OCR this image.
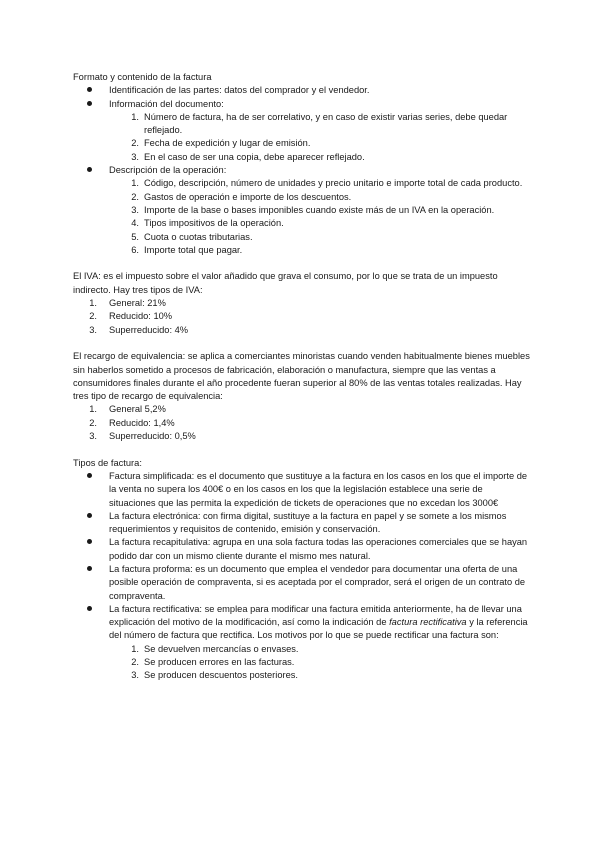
Formato y contenido de la factura

Identificación de las partes: datos del comprador y el vendedor.
Información del documento:
1. Número de factura, ha de ser correlativo, y en caso de existir varias series, debe quedar reflejado.
2. Fecha de expedición y lugar de emisión.
3. En el caso de ser una copia, debe aparecer reflejado.
Descripción de la operación:
1. Código, descripción, número de unidades y precio unitario e importe total de cada producto.
2. Gastos de operación e importe de los descuentos.
3. Importe de la base o bases imponibles cuando existe más de un IVA en la operación.
4. Tipos impositivos de la operación.
5. Cuota o cuotas tributarias.
6. Importe total que pagar.

El IVA: es el impuesto sobre el valor añadido que grava el consumo, por lo que se trata de un impuesto indirecto. Hay tres tipos de IVA:

1. General: 21%
2. Reducido: 10%
3. Superreducido: 4%

El recargo de equivalencia: se aplica a comerciantes minoristas cuando venden habitualmente bienes muebles sin haberlos sometido a procesos de fabricación, elaboración o manufactura, siempre que las ventas a consumidores finales durante el año procedente fueran superior al 80% de las ventas totales realizadas. Hay tres tipo de recargo de equivalencia:

1. General 5,2%
2. Reducido: 1,4%
3. Superreducido: 0,5%

Tipos de factura:

Factura simplificada: es el documento que sustituye a la factura en los casos en los que el importe de la venta no supera los 400€ o en los casos en los que la legislación establece una serie de situaciones que las permita la expedición de tickets de operaciones que no excedan los 3000€
La factura electrónica: con firma digital, sustituye a la factura en papel y se somete a los mismos requerimientos y requisitos de contenido, emisión y conservación.
La factura recapitulativa: agrupa en una sola factura todas las operaciones comerciales que se hayan podido dar con un mismo cliente durante el mismo mes natural.
La factura proforma: es un documento que emplea el vendedor para documentar una oferta de una posible operación de compraventa, si es aceptada por el comprador, será el origen de un contrato de compraventa.
La factura rectificativa: se emplea para modificar una factura emitida anteriormente, ha de llevar una explicación del motivo de la modificación, así como la indicación de factura rectificativa y la referencia del número de factura que rectifica. Los motivos por lo que se puede rectificar una factura son:
1. Se devuelven mercancías o envases.
2. Se producen errores en las facturas.
3. Se producen descuentos posteriores.
